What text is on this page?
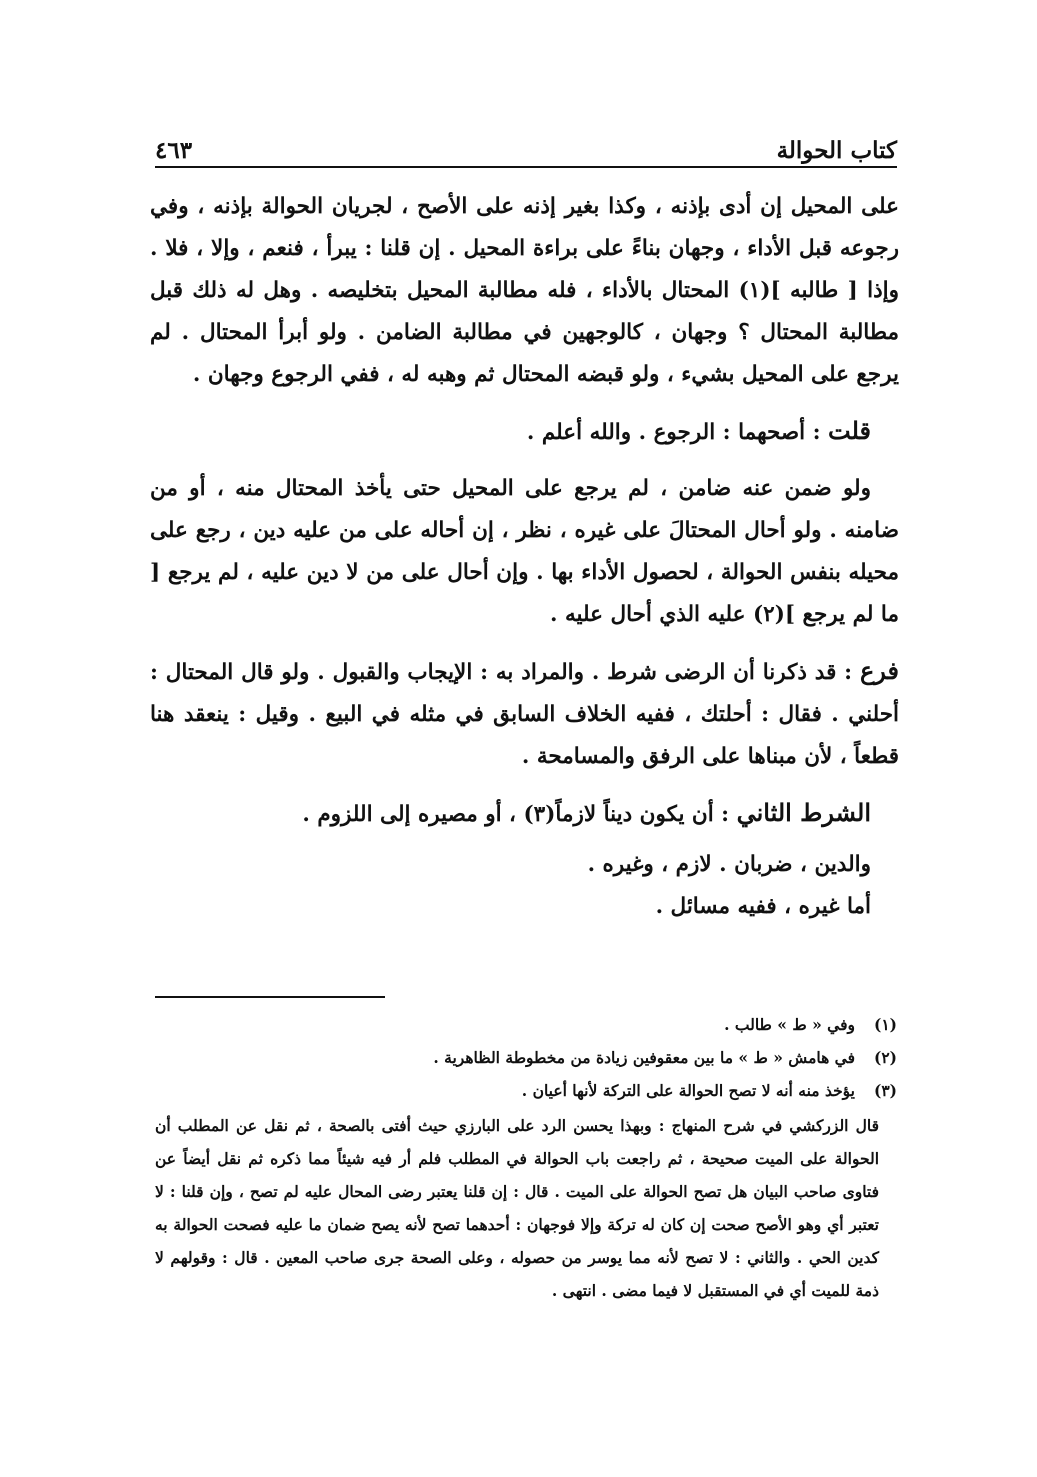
كتاب الحوالة
٤٦٣

على المحيل إن أدى بإذنه ، وكذا بغير إذنه على الأصح ، لجريان الحوالة بإذنه ، وفي رجوعه قبل الأداء ، وجهان بناءً على براءة المحيل . إن قلنا : يبرأ ، فنعم ، وإلا ، فلا . وإذا [ طالبه ](١) المحتال بالأداء ، فله مطالبة المحيل بتخليصه . وهل له ذلك قبل مطالبة المحتال ؟ وجهان ، كالوجهين في مطالبة الضامن . ولو أبرأ المحتال . لم يرجع على المحيل بشيء ، ولو قبضه المحتال ثم وهبه له ، ففي الرجوع وجهان .

قلت : أصحهما : الرجوع . والله أعلم .

ولو ضمن عنه ضامن ، لم يرجع على المحيل حتى يأخذ المحتال منه ، أو من ضامنه . ولو أحال المحتالَ على غيره ، نظر ، إن أحاله على من عليه دين ، رجع على محيله بنفس الحوالة ، لحصول الأداء بها . وإن أحال على من لا دين عليه ، لم يرجع [ ما لم يرجع ](٢) عليه الذي أحال عليه .

فرع : قد ذكرنا أن الرضى شرط . والمراد به : الإيجاب والقبول . ولو قال المحتال : أحلني . فقال : أحلتك ، ففيه الخلاف السابق في مثله في البيع . وقيل : ينعقد هنا قطعاً ، لأن مبناها على الرفق والمسامحة .

الشرط الثاني : أن يكون ديناً لازماً(٣) ، أو مصيره إلى اللزوم .

والدين ، ضربان . لازم ، وغيره .

أما غيره ، ففيه مسائل .

(١)
وفي « ط » طالب .
(٢)
في هامش « ط » ما بين معقوفين زيادة من مخطوطة الظاهرية .
(٣)
يؤخذ منه أنه لا تصح الحوالة على التركة لأنها أعيان .
قال الزركشي في شرح المنهاج : وبهذا يحسن الرد على البارزي حيث أفتى بالصحة ، ثم نقل عن المطلب أن الحوالة على الميت صحيحة ، ثم راجعت باب الحوالة في المطلب فلم أر فيه شيئاً مما ذكره ثم نقل أيضاً عن فتاوى صاحب البيان هل تصح الحوالة على الميت . قال : إن قلنا يعتبر رضى المحال عليه لم تصح ، وإن قلنا : لا تعتبر أي وهو الأصح صحت إن كان له تركة وإلا فوجهان : أحدهما تصح لأنه يصح ضمان ما عليه فصحت الحوالة به كدين الحي . والثاني : لا تصح لأنه مما يوسر من حصوله ، وعلى الصحة جرى صاحب المعين . قال : وقولهم لا ذمة للميت أي في المستقبل لا فيما مضى . انتهى .
